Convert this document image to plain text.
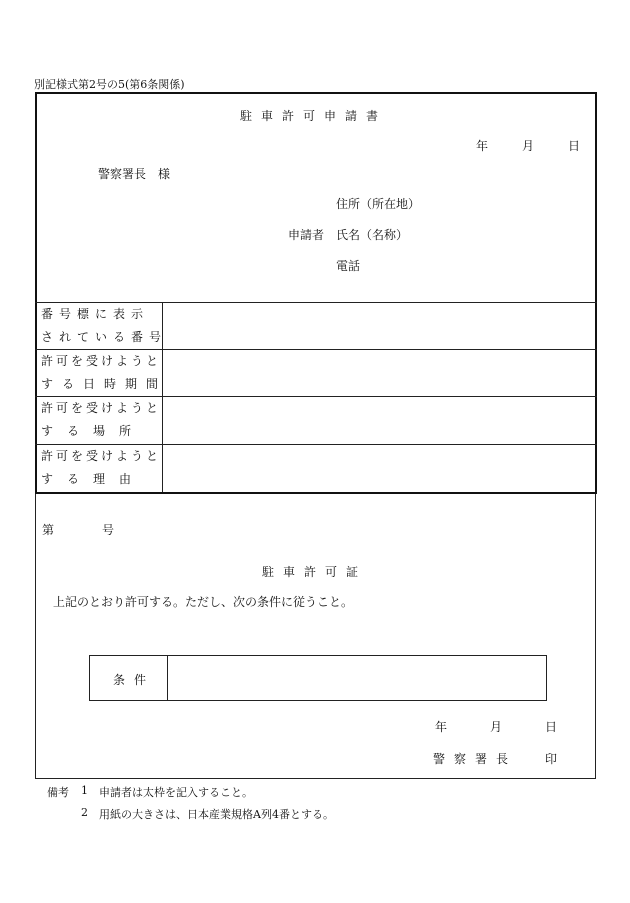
別記様式第2号の5(第6条関係)
駐車許可申請書
年	月	日
警察署長　様
住所（所在地）
申請者 氏名（名称）
電話
番号標に表示
されている番号
許可を受けようと
する日時期間
許可を受けようと
す　る　場　所
許可を受けようと
す　る　理　由
第	号
駐車許可証
上記のとおり許可する。ただし、次の条件に従うこと。
条件
年	月	日
警察署長 印
備考 1 申請者は太枠を記入すること。
2 用紙の大きさは、日本産業規格A列4番とする。
